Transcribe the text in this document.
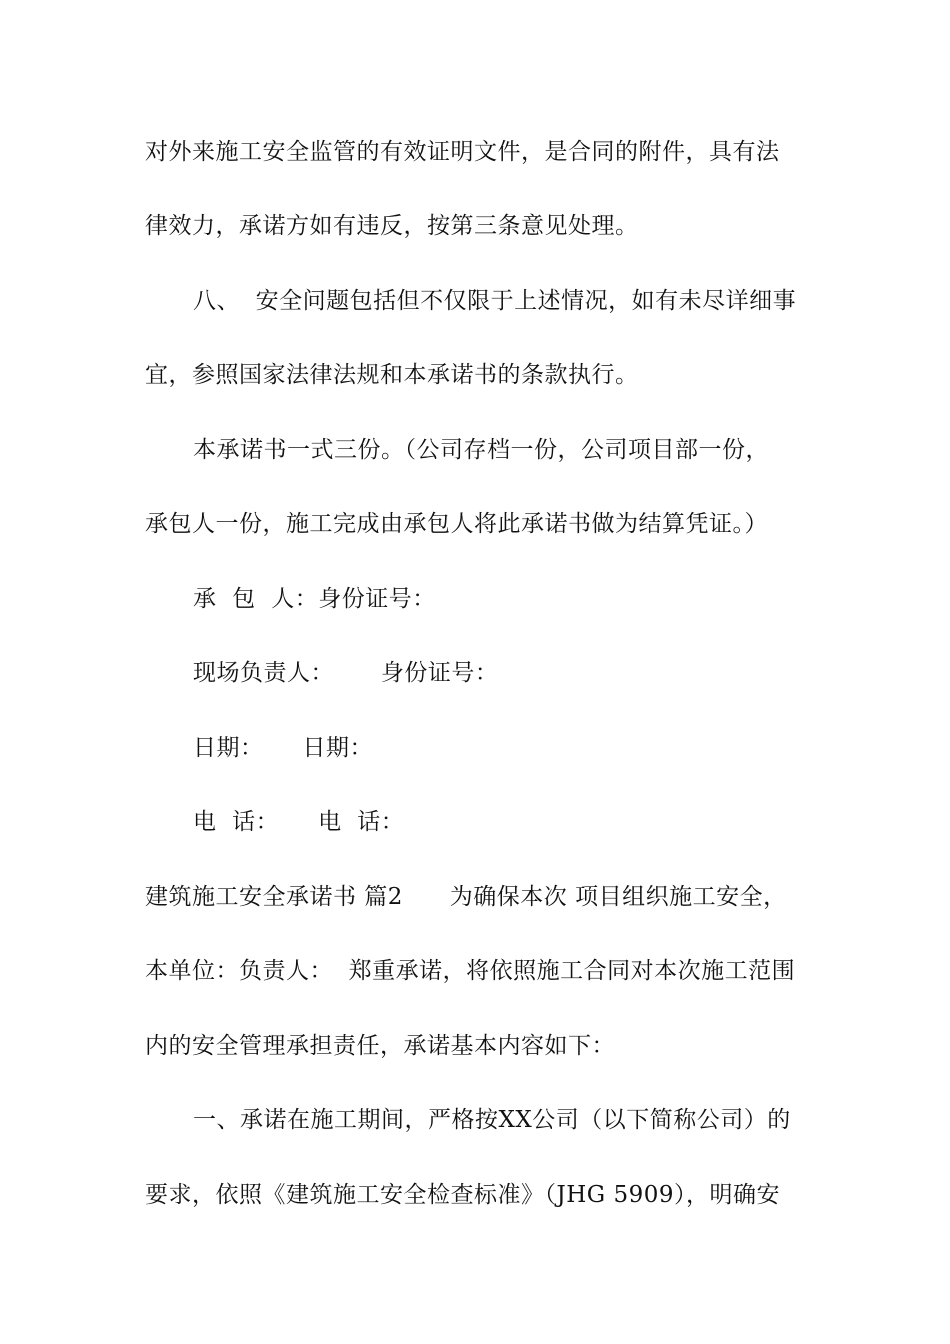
对外来施工安全监管的有效证明文件，是合同的附件，具有法
律效力，承诺方如有违反，按第三条意见处理。
八、  安全问题包括但不仅限于上述情况，如有未尽详细事
宜，参照国家法律法规和本承诺书的条款执行。
本承诺书一式三份。（公司存档一份，公司项目部一份，
承包人一份，施工完成由承包人将此承诺书做为结算凭证。）
承  包  人：身份证号：
现场负责人：      身份证号：
日期：     日期：
电  话：     电  话：
建筑施工安全承诺书 篇2      为确保本次 项目组织施工安全，
本单位：负责人：  郑重承诺，将依照施工合同对本次施工范围
内的安全管理承担责任，承诺基本内容如下：
一、承诺在施工期间，严格按XX公司（以下简称公司）的
要求，依照《建筑施工安全检查标准》（JHG 5909），明确安
